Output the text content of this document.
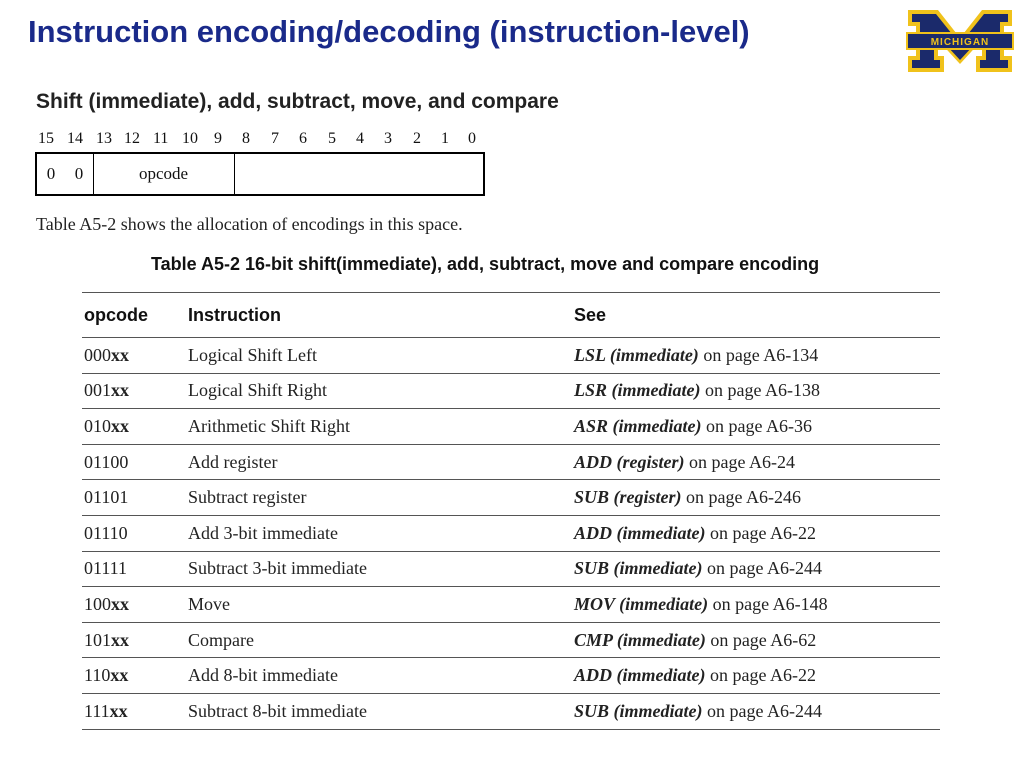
Instruction encoding/decoding (instruction-level)	MICHIGAN
Shift (immediate), add, subtract, move, and compare
15 14 13 12 11 10 9 8 7 6 5 4 3 2 1 0
0	0	opcode
Table A5-2 shows the allocation of encodings in this space.
Table A5-2 16-bit shift(immediate), add, subtract, move and compare encoding
opcode	Instruction	See
000xx	Logical Shift Left	LSL (immediate) on page A6-134
001xx	Logical Shift Right	LSR (immediate) on page A6-138
010xx	Arithmetic Shift Right	ASR (immediate) on page A6-36
01100	Add register	ADD (register) on page A6-24
01101	Subtract register	SUB (register) on page A6-246
01110	Add 3-bit immediate	ADD (immediate) on page A6-22
01111	Subtract 3-bit immediate	SUB (immediate) on page A6-244
100xx	Move	MOV (immediate) on page A6-148
101xx	Compare	CMP (immediate) on page A6-62
110xx	Add 8-bit immediate	ADD (immediate) on page A6-22
111xx	Subtract 8-bit immediate	SUB (immediate) on page A6-244
